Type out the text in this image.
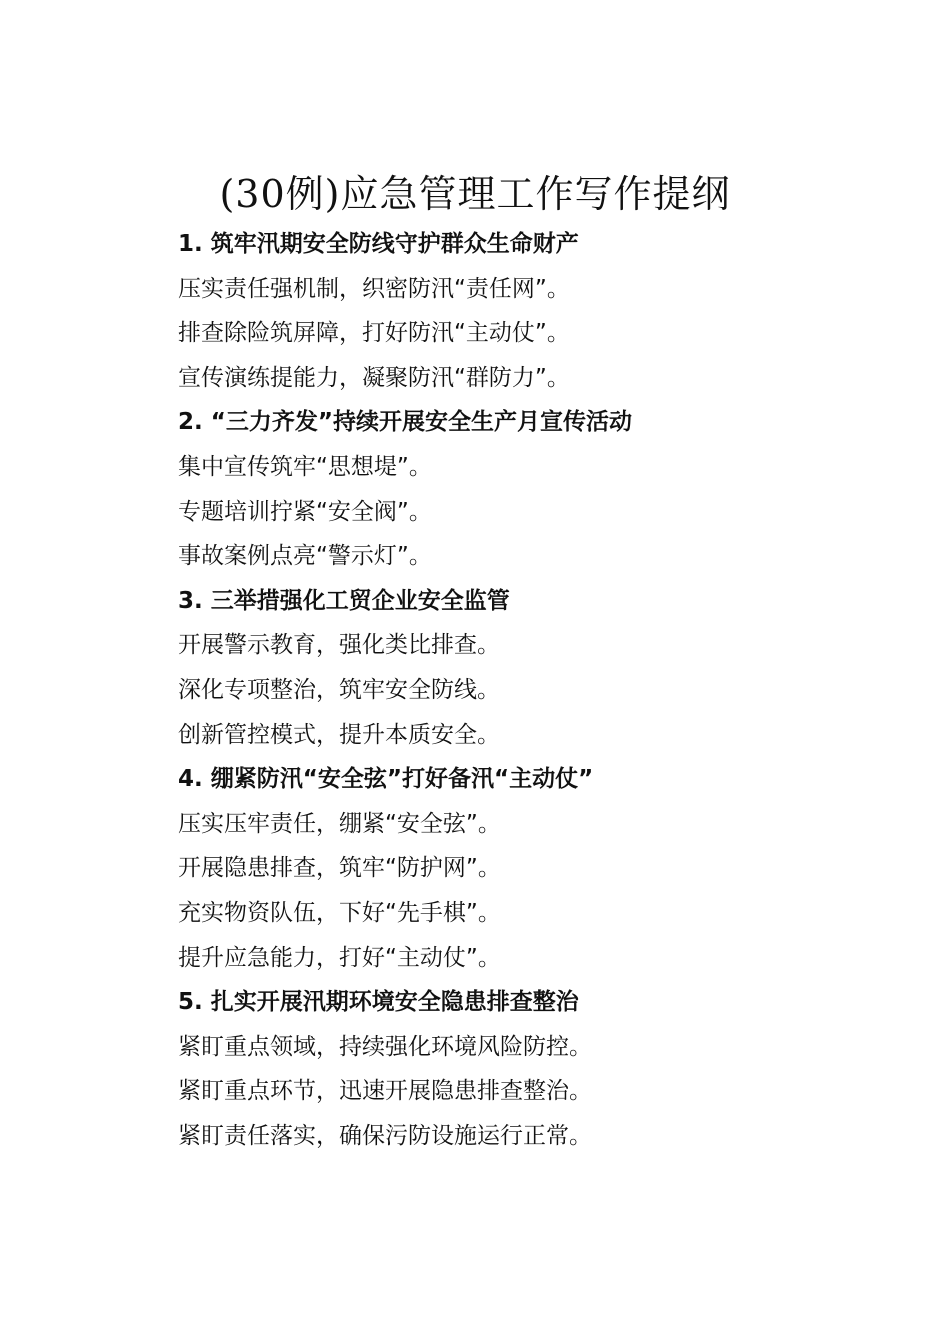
(30例)应急管理工作写作提纲

1. 筑牢汛期安全防线守护群众生命财产

压实责任强机制，织密防汛“责任网”。

排查除险筑屏障，打好防汛“主动仗”。

宣传演练提能力，凝聚防汛“群防力”。

2. “三力齐发”持续开展安全生产月宣传活动

集中宣传筑牢“思想堤”。

专题培训拧紧“安全阀”。

事故案例点亮“警示灯”。

3. 三举措强化工贸企业安全监管

开展警示教育，强化类比排查。

深化专项整治，筑牢安全防线。

创新管控模式，提升本质安全。

4. 绷紧防汛“安全弦”打好备汛“主动仗”

压实压牢责任，绷紧“安全弦”。

开展隐患排查，筑牢“防护网”。

充实物资队伍，下好“先手棋”。

提升应急能力，打好“主动仗”。

5. 扎实开展汛期环境安全隐患排查整治

紧盯重点领域，持续强化环境风险防控。

紧盯重点环节，迅速开展隐患排查整治。

紧盯责任落实，确保污防设施运行正常。
